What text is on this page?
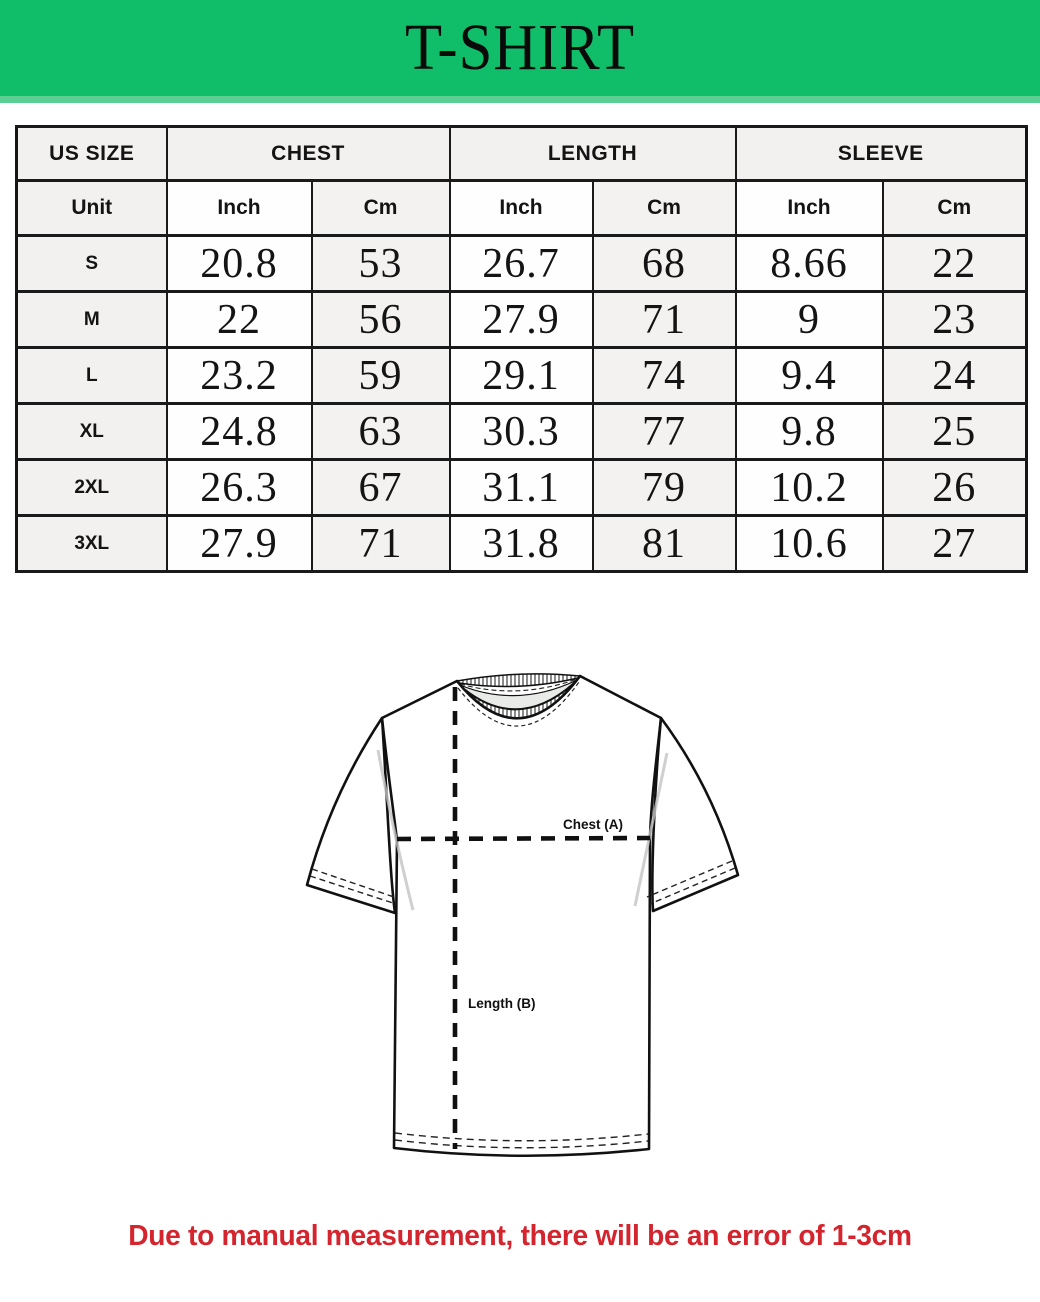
T-SHIRT
US SIZE	CHEST		LENGTH		SLEEVE	
Unit	Inch	Cm	Inch	Cm	Inch	Cm
S	20.8	53	26.7	68	8.66	22
M	22	56	27.9	71	9	23
L	23.2	59	29.1	74	9.4	24
XL	24.8	63	30.3	77	9.8	25
2XL	26.3	67	31.1	79	10.2	26
3XL	27.9	71	31.8	81	10.6	27
Chest (A)
Length (B)
Due to manual measurement, there will be an error of 1-3cm
